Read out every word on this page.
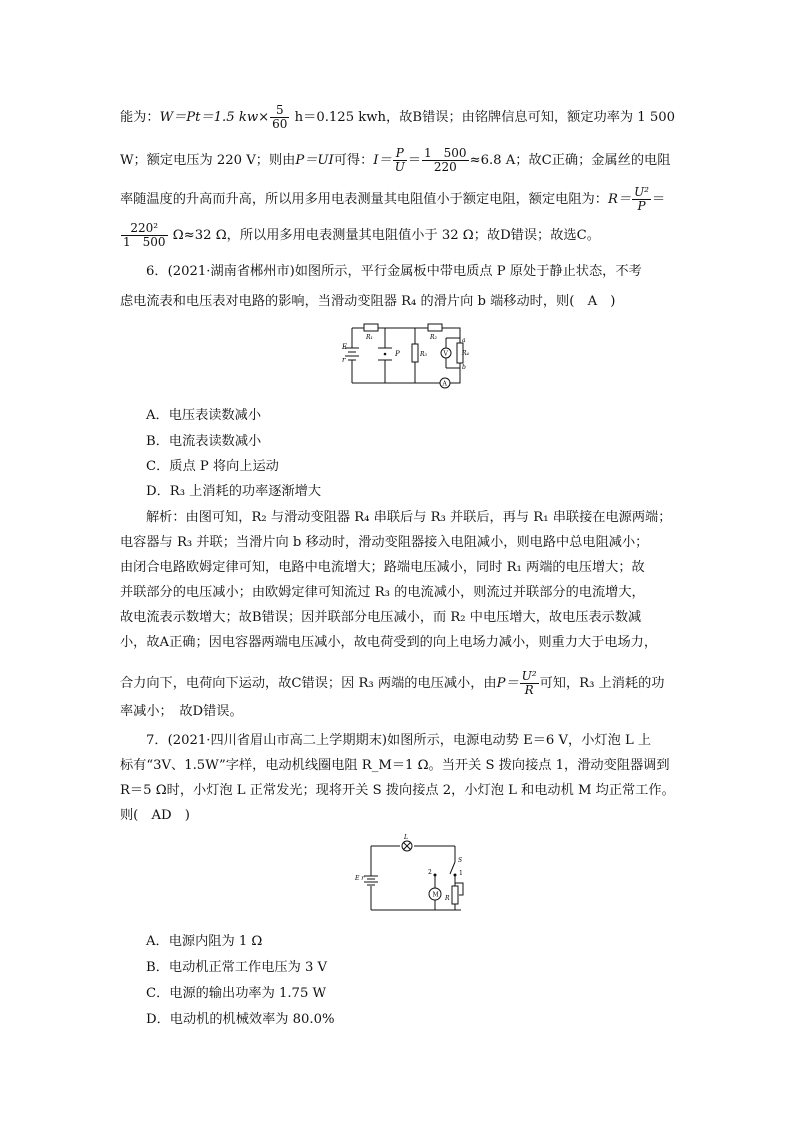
能为：W＝Pt＝1.5 $kw\times \frac{5}{60} h=0.125$ kwh，故B错误；由铭牌信息可知，额定功率为 1 500
W；额定电压为 220 V；则由P＝UI可得：$I= \frac{P}{U} = \frac{1 500}{220} \approx 6.8$ A；故C正确；金属丝的电阻
率随温度的升高而升高，所以用多用电表测量其电阻值小于额定电阻，额定电阻为：$R= \frac{\text{U²}}{P}$ ＝
$\frac{\text{220²}}{1 500} \Omega\approx 32$ Ω，所以用多用电表测量其电阻值小于 32 Ω；故D错误；故选C。
6．(2021·湖南省郴州市)如图所示，平行金属板中带电质点 P 原处于静止状态，不考
虑电流表和电压表对电路的影响，当滑动变阻器 R₄ 的滑片向 b 端移动时，则(　A　)
E
r
R₁	R₂
R₃	R₄
P
a
b
V
A
A．电压表读数减小
B．电流表读数减小
C．质点 P 将向上运动
D．R₃ 上消耗的功率逐渐增大
解析：由图可知，R₂ 与滑动变阻器 R₄ 串联后与 R₃ 并联后，再与 R₁ 串联接在电源两端；
电容器与 R₃ 并联；当滑片向 b 移动时，滑动变阻器接入电阻减小，则电路中总电阻减小；
由闭合电路欧姆定律可知，电路中电流增大；路端电压减小，同时 R₁ 两端的电压增大；故
并联部分的电压减小；由欧姆定律可知流过 R₃ 的电流减小，则流过并联部分的电流增大，
故电流表示数增大；故B错误；因并联部分电压减小，而 R₂ 中电压增大，故电压表示数减
小，故A正确；因电容器两端电压减小，故电荷受到的向上电场力减小，则重力大于电场力，
合力向下，电荷向下运动，故C错误；因 R₃ 两端的电压减小，由$P= \frac{\text{U²}}{R}$ 可知，R₃ 上消耗的功
率减小；　故D错误。
7．(2021·四川省眉山市高二上学期期末)如图所示，电源电动势 E＝6 V，小灯泡 L 上
标有“3V、1.5W”字样，电动机线圈电阻 R_M＝1 Ω。当开关 S 拨向接点 1，滑动变阻器调到
R＝5 Ω时，小灯泡 L 正常发光；现将开关 S 拨向接点 2，小灯泡 L 和电动机 M 均正常工作。
则(　AD　)
L
S
1
2
E r
M R
A．电源内阻为 1 Ω
B．电动机正常工作电压为 3 V
C．电源的输出功率为 1.75 W
D．电动机的机械效率为 80.0%
